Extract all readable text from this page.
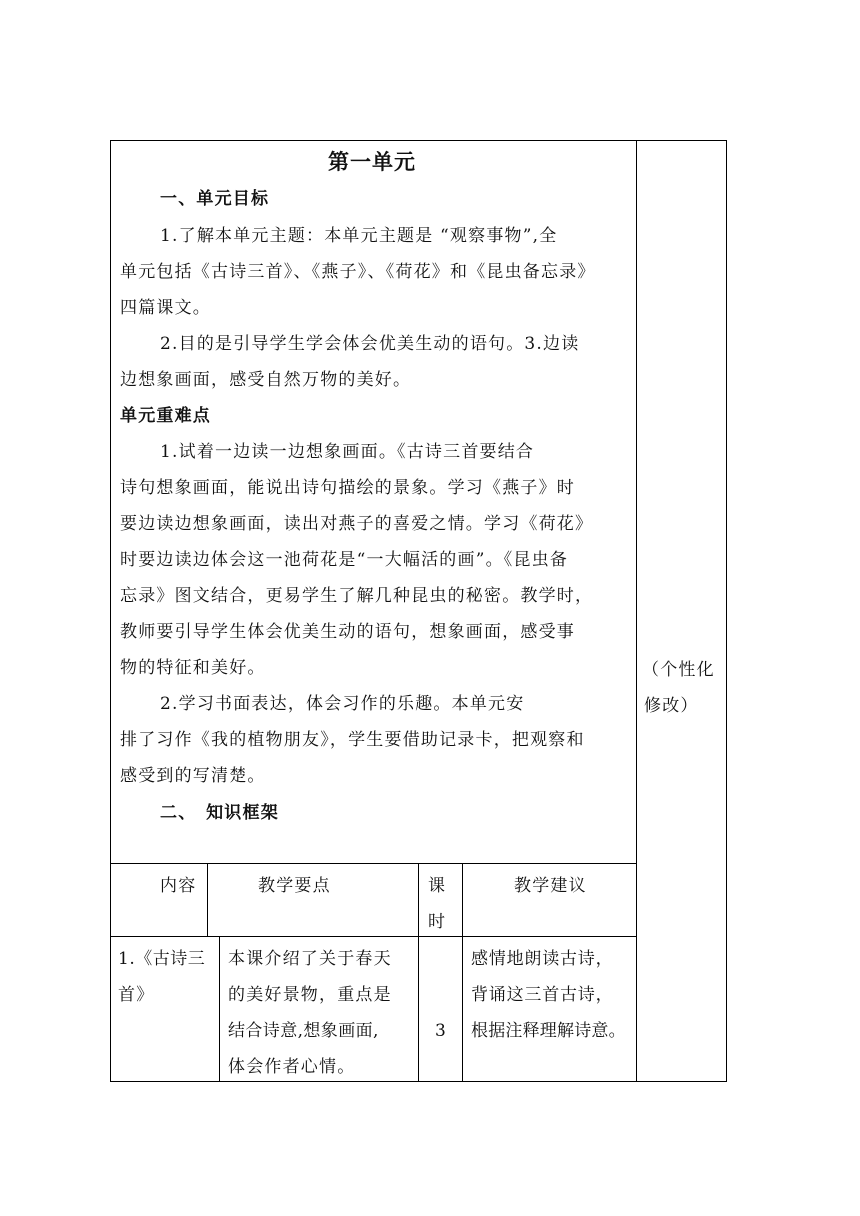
第一单元
一、单元目标
1.了解本单元主题：本单元主题是 “观察事物”,全
单元包括《古诗三首》、《燕子》、《荷花》和《昆虫备忘录》
四篇课文。
2.目的是引导学生学会体会优美生动的语句。3.边读
边想象画面，感受自然万物的美好。
单元重难点
1.试着一边读一边想象画面。《古诗三首要结合
诗句想象画面，能说出诗句描绘的景象。学习《燕子》时
要边读边想象画面，读出对燕子的喜爱之情。学习《荷花》
时要边读边体会这一池荷花是“一大幅活的画”。《昆虫备
忘录》图文结合，更易学生了解几种昆虫的秘密。教学时，
教师要引导学生体会优美生动的语句，想象画面，感受事
物的特征和美好。
2.学习书面表达，体会习作的乐趣。本单元安
排了习作《我的植物朋友》，学生要借助记录卡，把观察和
感受到的写清楚。
二、　知识框架
（个性化
修改）
内容	教学要点	课
时
教学建议
1.《古诗三
首》
本课介绍了关于春天
的美好景物，重点是
结合诗意,想象画面,
体会作者心情。
3
感情地朗读古诗，
背诵这三首古诗，
根据注释理解诗意。
